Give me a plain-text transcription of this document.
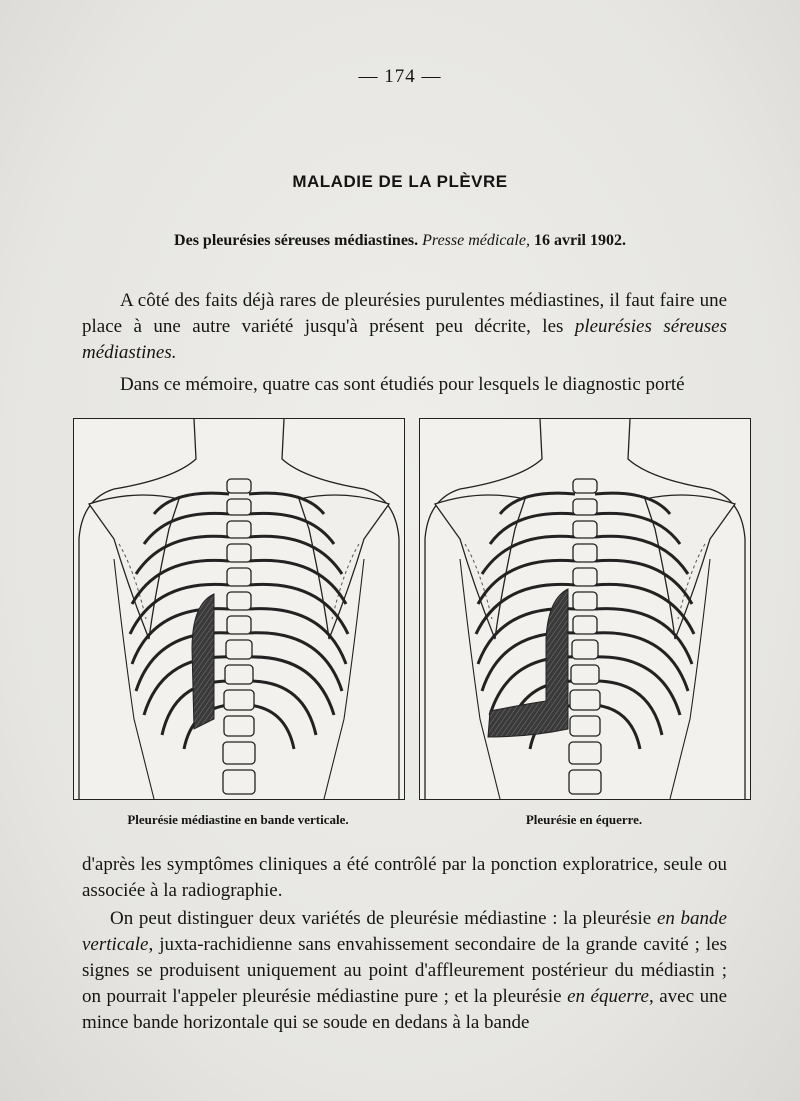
— 174 —
MALADIE DE LA PLÈVRE
Des pleurésies séreuses médiastines. Presse médicale, 16 avril 1902.
A côté des faits déjà rares de pleurésies purulentes médiastines, il faut faire une place à une autre variété jusqu'à présent peu décrite, les pleurésies séreuses médiastines.
Dans ce mémoire, quatre cas sont étudiés pour lesquels le diagnostic porté
Pleurésie médiastine en bande verticale.	Pleurésie en équerre.
d'après les symptômes cliniques a été contrôlé par la ponction exploratrice, seule ou associée à la radiographie.
On peut distinguer deux variétés de pleurésie médiastine : la pleurésie en bande verticale, juxta-rachidienne sans envahissement secondaire de la grande cavité ; les signes se produisent uniquement au point d'affleurement postérieur du médiastin ; on pourrait l'appeler pleurésie médiastine pure ; et la pleurésie en équerre, avec une mince bande horizontale qui se soude en dedans à la bande
